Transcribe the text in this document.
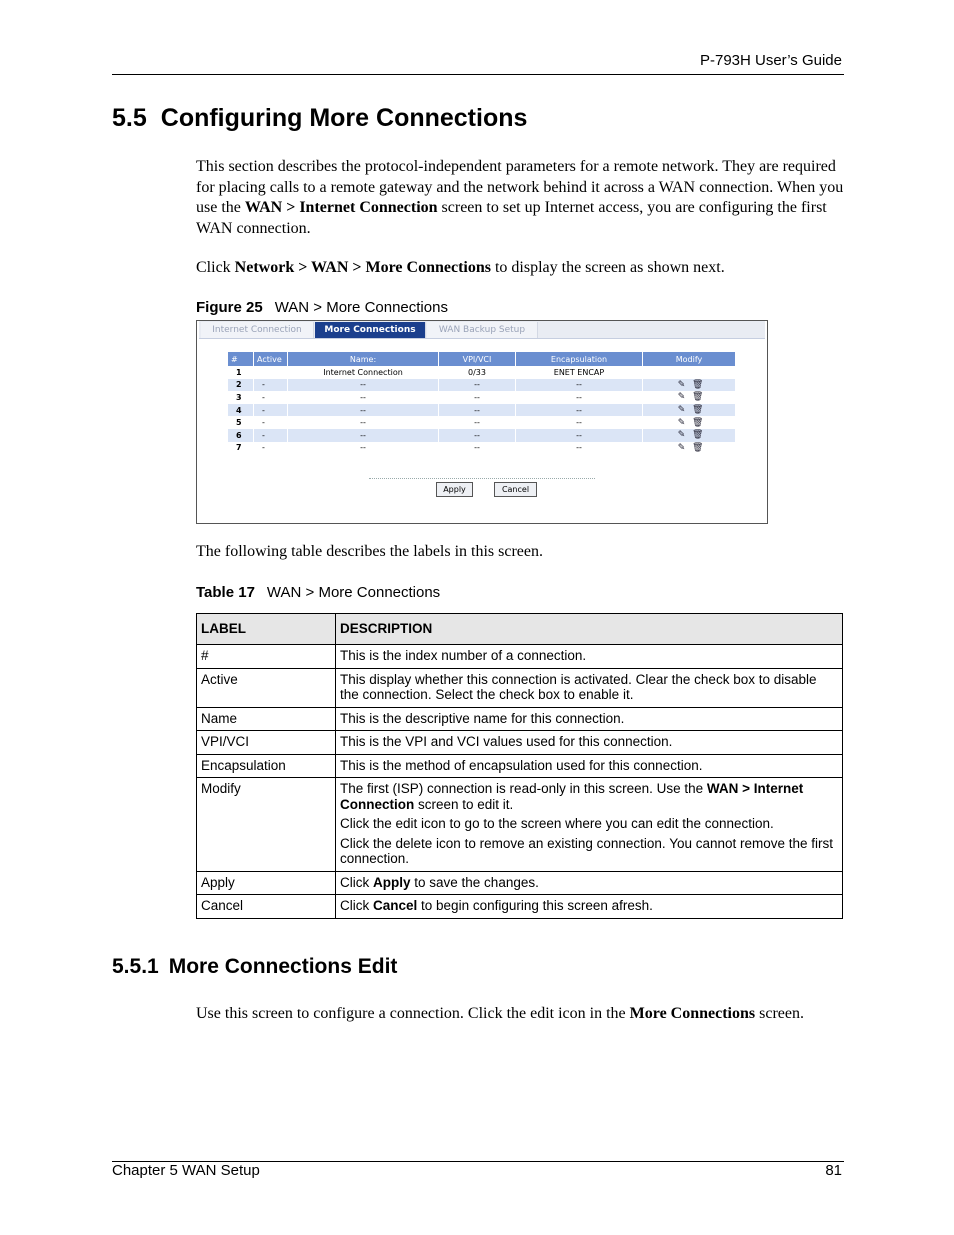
P-793H User’s Guide
5.5 Configuring More Connections
This section describes the protocol-independent parameters for a remote network. They are required for placing calls to a remote gateway and the network behind it across a WAN connection. When you use the WAN > Internet Connection screen to set up Internet access, you are configuring the first WAN connection.
Click Network > WAN > More Connections to display the screen as shown next.
Figure 25 WAN > More Connections
Internet Connection	More Connections	WAN Backup Setup
#	Active	Name:	VPI/VCI	Encapsulation	Modify
1		Internet Connection	0/33	ENET ENCAP	
2	-	--	--	--	✎ 🗑

3	-	--	--	--	✎ 🗑

4	-	--	--	--	✎ 🗑

5	-	--	--	--	✎ 🗑

6	-	--	--	--	✎ 🗑

7	-	--	--	--	✎ 🗑
Apply	Cancel
The following table describes the labels in this screen.
Table 17 WAN > More Connections
LABEL	DESCRIPTION
#	This is the index number of a connection.
Active	This display whether this connection is activated. Clear the check box to disable the connection. Select the check box to enable it.
Name	This is the descriptive name for this connection.
VPI/VCI	This is the VPI and VCI values used for this connection.
Encapsulation	This is the method of encapsulation used for this connection.
Modify	The first (ISP) connection is read-only in this screen. Use the WAN > Internet Connection screen to edit it.

Click the edit icon to go to the screen where you can edit the connection.

Click the delete icon to remove an existing connection. You cannot remove the first connection.

Apply	Click Apply to save the changes.
Cancel	Click Cancel to begin configuring this screen afresh.
5.5.1 More Connections Edit
Use this screen to configure a connection. Click the edit icon in the More Connections screen.
Chapter 5 WAN Setup	81
